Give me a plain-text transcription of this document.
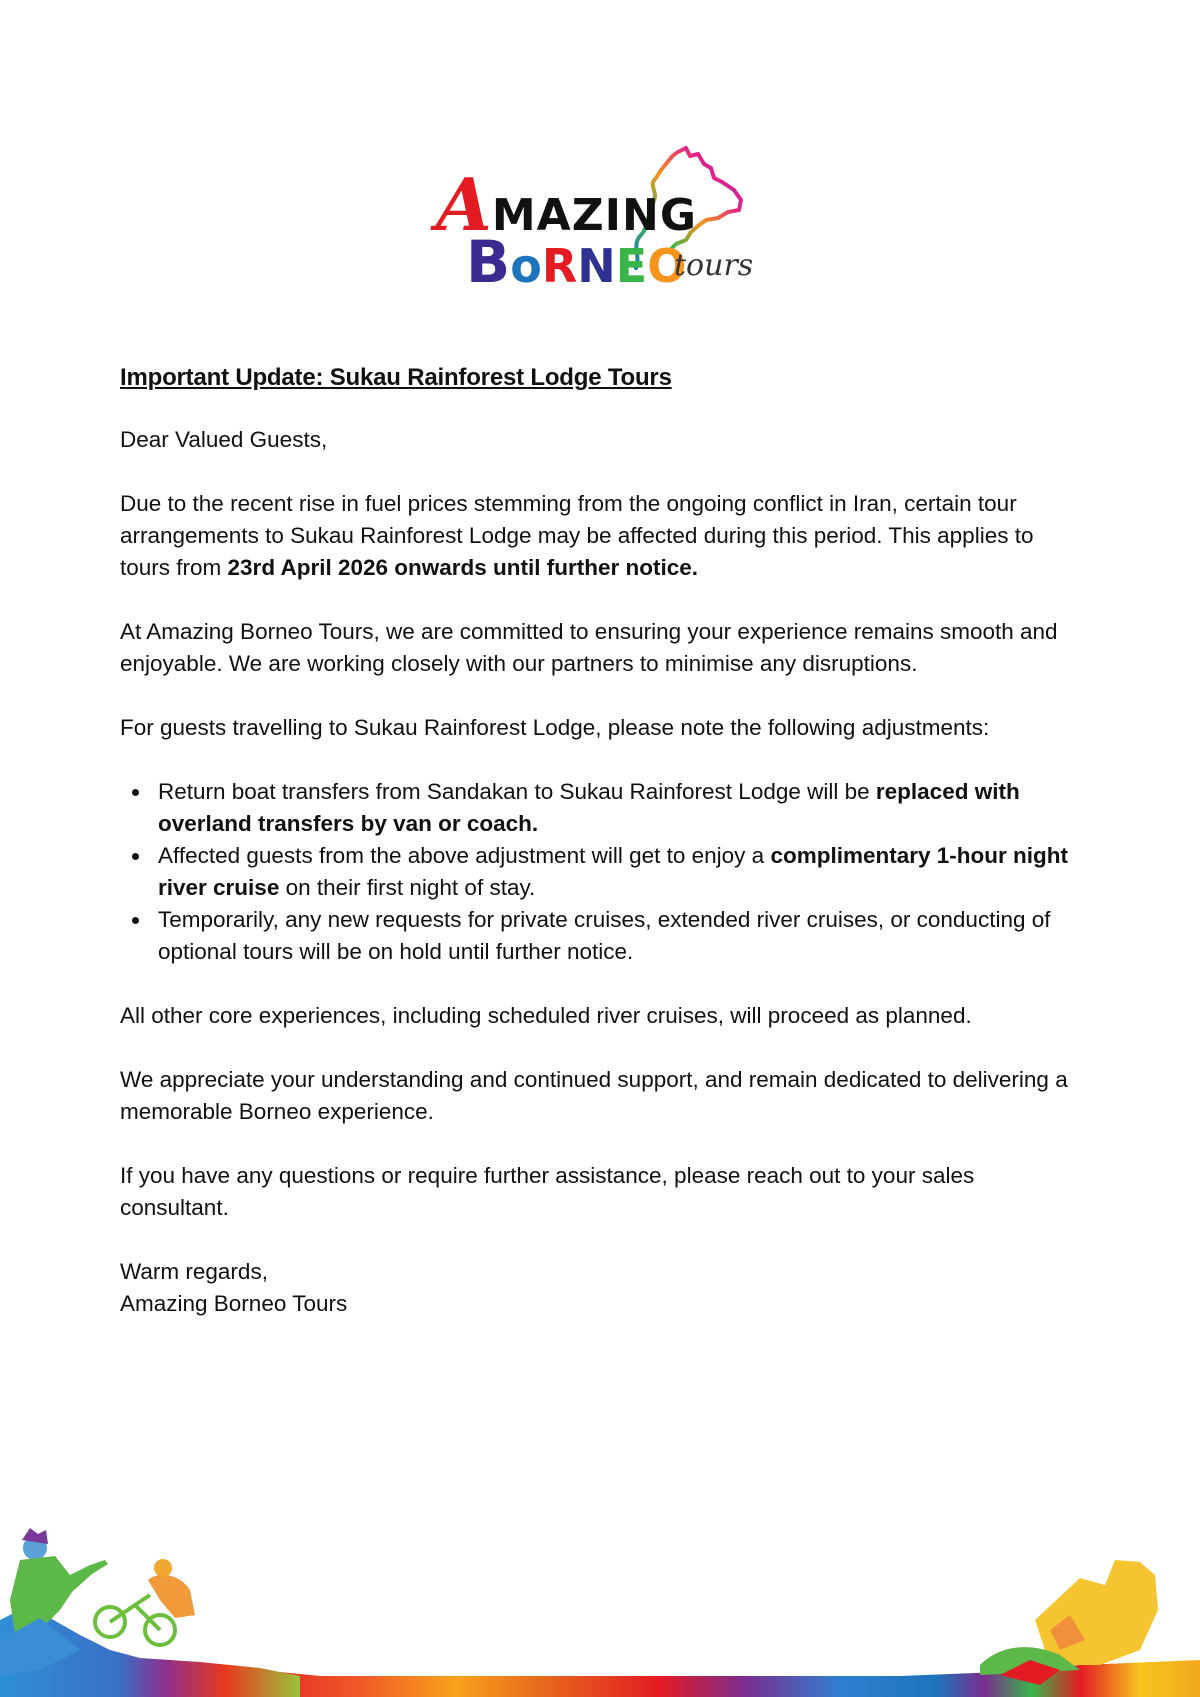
AMAZING
BoRNEO
tours
Important Update: Sukau Rainforest Lodge Tours

Dear Valued Guests,

Due to the recent rise in fuel prices stemming from the ongoing conflict in Iran, certain tour arrangements to Sukau Rainforest Lodge may be affected during this period. This applies to tours from 23rd April 2026 onwards until further notice.

At Amazing Borneo Tours, we are committed to ensuring your experience remains smooth and enjoyable. We are working closely with our partners to minimise any disruptions.

For guests travelling to Sukau Rainforest Lodge, please note the following adjustments:

Return boat transfers from Sandakan to Sukau Rainforest Lodge will be replaced with overland transfers by van or coach.
Affected guests from the above adjustment will get to enjoy a complimentary 1-hour night river cruise on their first night of stay.
Temporarily, any new requests for private cruises, extended river cruises, or conducting of optional tours will be on hold until further notice.

All other core experiences, including scheduled river cruises, will proceed as planned.

We appreciate your understanding and continued support, and remain dedicated to delivering a memorable Borneo experience.

If you have any questions or require further assistance, please reach out to your sales consultant.

Warm regards,

Amazing Borneo Tours
